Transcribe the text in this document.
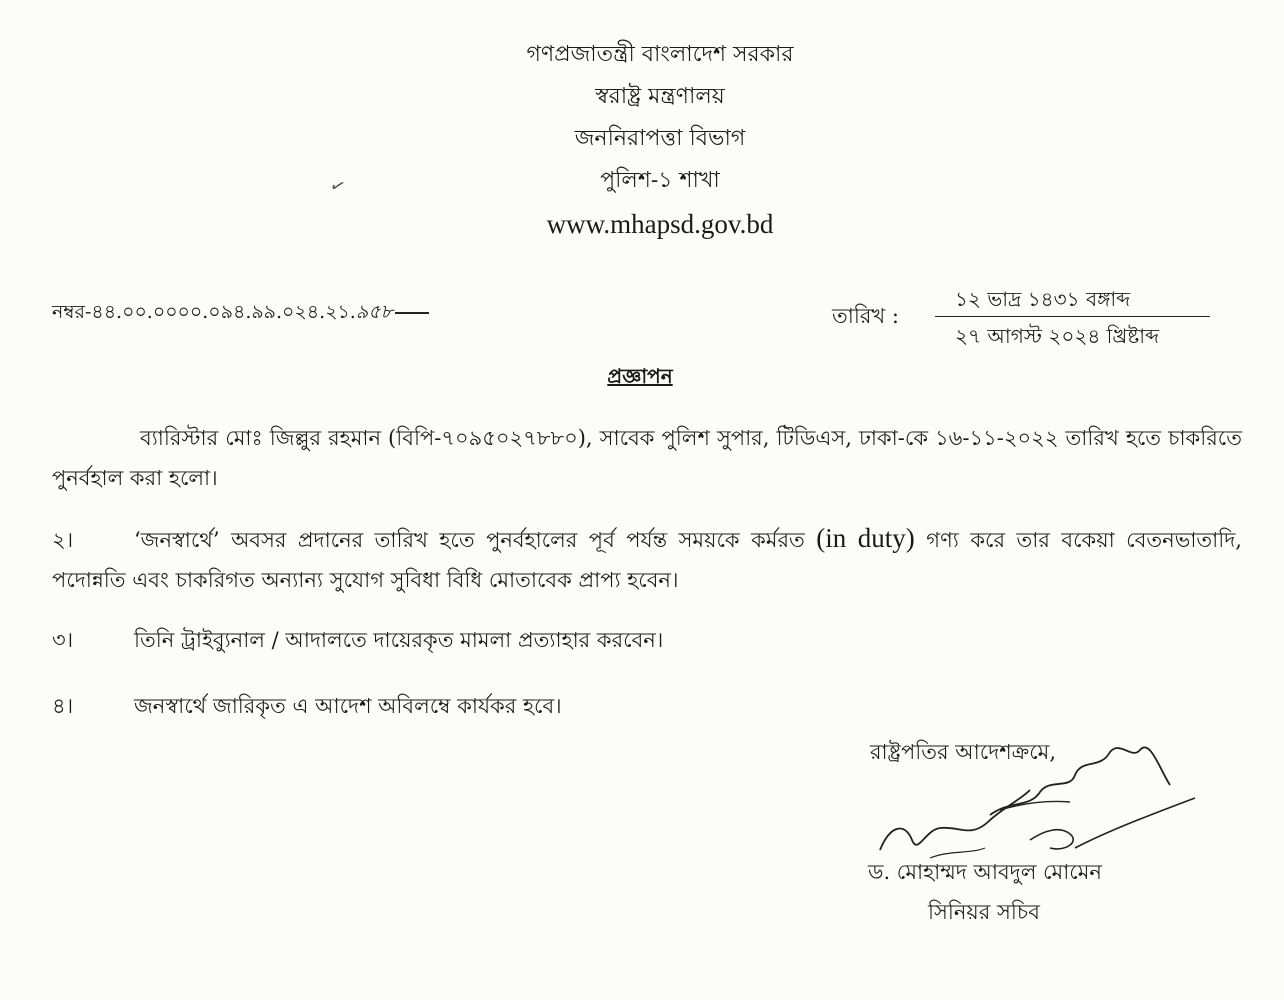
গণপ্রজাতন্ত্রী বাংলাদেশ সরকার
স্বরাষ্ট্র মন্ত্রণালয়
জননিরাপত্তা বিভাগ
পুলিশ-১ শাখা
www.mhapsd.gov.bd
✓
নম্বর-৪৪.০০.০০০০.০৯৪.৯৯.০২৪.২১.৯৫৮	তারিখ :
১২ ভাদ্র ১৪৩১ বঙ্গাব্দ
২৭ আগস্ট ২০২৪ খ্রিষ্টাব্দ
প্রজ্ঞাপন
ব্যারিস্টার মোঃ জিল্লুর রহমান (বিপি-৭০৯৫০২৭৮৮০), সাবেক পুলিশ সুপার, টিডিএস, ঢাকা-কে ১৬-১১-২০২২ তারিখ হতে চাকরিতে পুনর্বহাল করা হলো।
২।	‘জনস্বার্থে’ অবসর প্রদানের তারিখ হতে পুনর্বহালের পূর্ব পর্যন্ত সময়কে কর্মরত (in duty) গণ্য করে তার বকেয়া বেতনভাতাদি, পদোন্নতি এবং চাকরিগত অন্যান্য সুযোগ সুবিধা বিধি মোতাবেক প্রাপ্য হবেন।
৩।	তিনি ট্রাইব্যুনাল / আদালতে দায়েরকৃত মামলা প্রত্যাহার করবেন।
৪।	জনস্বার্থে জারিকৃত এ আদেশ অবিলম্বে কার্যকর হবে।
রাষ্ট্রপতির আদেশক্রমে,
ড. মোহাম্মদ আবদুল মোমেন
সিনিয়র সচিব
